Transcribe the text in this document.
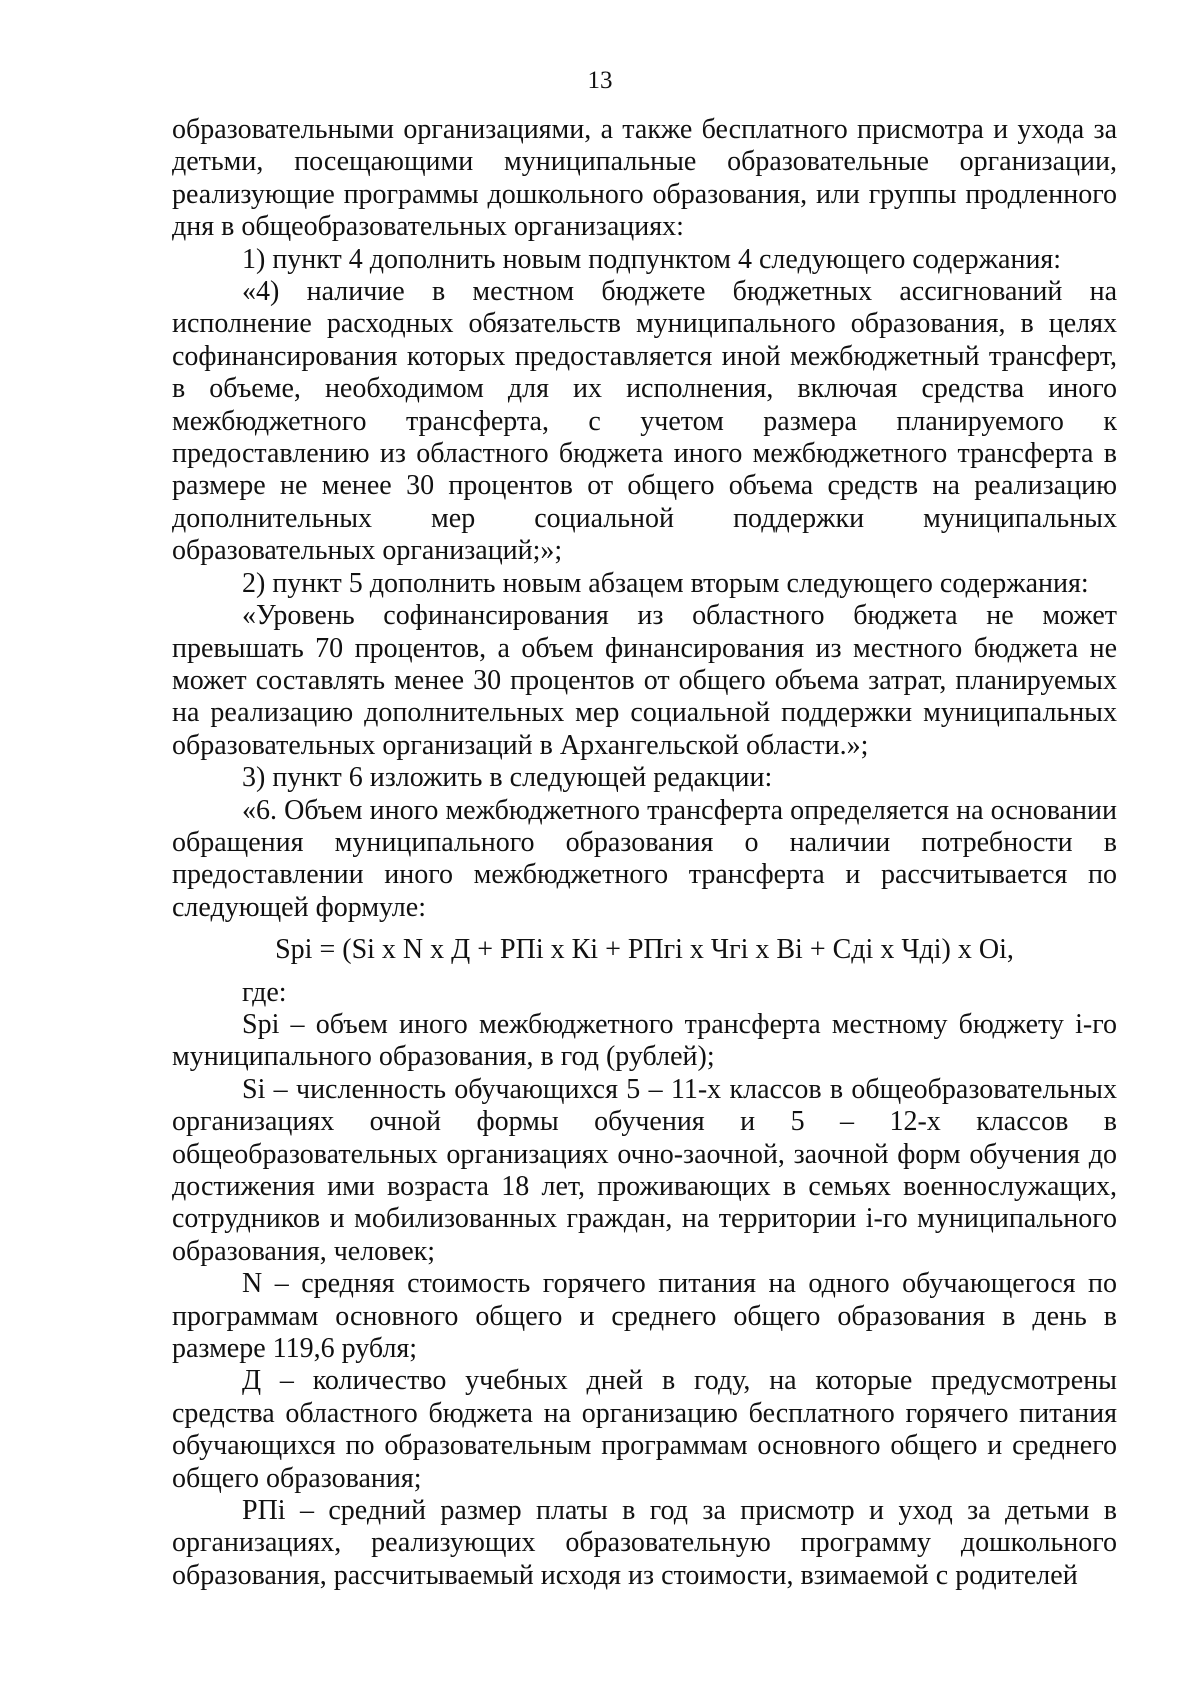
13

образовательными организациями, а также бесплатного присмотра и ухода за детьми, посещающими муниципальные образовательные организации, реализующие программы дошкольного образования, или группы продленного дня в общеобразовательных организациях:

1) пункт 4 дополнить новым подпунктом 4 следующего содержания:

«4) наличие в местном бюджете бюджетных ассигнований на исполнение расходных обязательств муниципального образования, в целях софинансирования которых предоставляется иной межбюджетный трансферт, в объеме, необходимом для их исполнения, включая средства иного межбюджетного трансферта, с учетом размера планируемого к предоставлению из областного бюджета иного межбюджетного трансферта в размере не менее 30 процентов от общего объема средств на реализацию дополнительных мер социальной поддержки муниципальных образовательных организаций;»;

2) пункт 5 дополнить новым абзацем вторым следующего содержания:

«Уровень софинансирования из областного бюджета не может превышать 70 процентов, а объем финансирования из местного бюджета не может составлять менее 30 процентов от общего объема затрат, планируемых на реализацию дополнительных мер социальной поддержки муниципальных образовательных организаций в Архангельской области.»;

3) пункт 6 изложить в следующей редакции:

«6. Объем иного межбюджетного трансферта определяется на основании обращения муниципального образования о наличии потребности в предоставлении иного межбюджетного трансферта и рассчитывается по следующей формуле:

Spi = (Si x N x Д + РПi x Кi + РПгi x Чгi x Вi + Сдi x Чдi) x Оi,

где:

Spi – объем иного межбюджетного трансферта местному бюджету i-го муниципального образования, в год (рублей);

Si – численность обучающихся 5 – 11-х классов в общеобразовательных организациях очной формы обучения и 5 – 12-х классов в общеобразовательных организациях очно-заочной, заочной форм обучения до достижения ими возраста 18 лет, проживающих в семьях военнослужащих, сотрудников и мобилизованных граждан, на территории i-го муниципального образования, человек;

N – средняя стоимость горячего питания на одного обучающегося по программам основного общего и среднего общего образования в день в размере 119,6 рубля;

Д – количество учебных дней в году, на которые предусмотрены средства областного бюджета на организацию бесплатного горячего питания обучающихся по образовательным программам основного общего и среднего общего образования;

РПi – средний размер платы в год за присмотр и уход за детьми в организациях, реализующих образовательную программу дошкольного образования, рассчитываемый исходя из стоимости, взимаемой с родителей
